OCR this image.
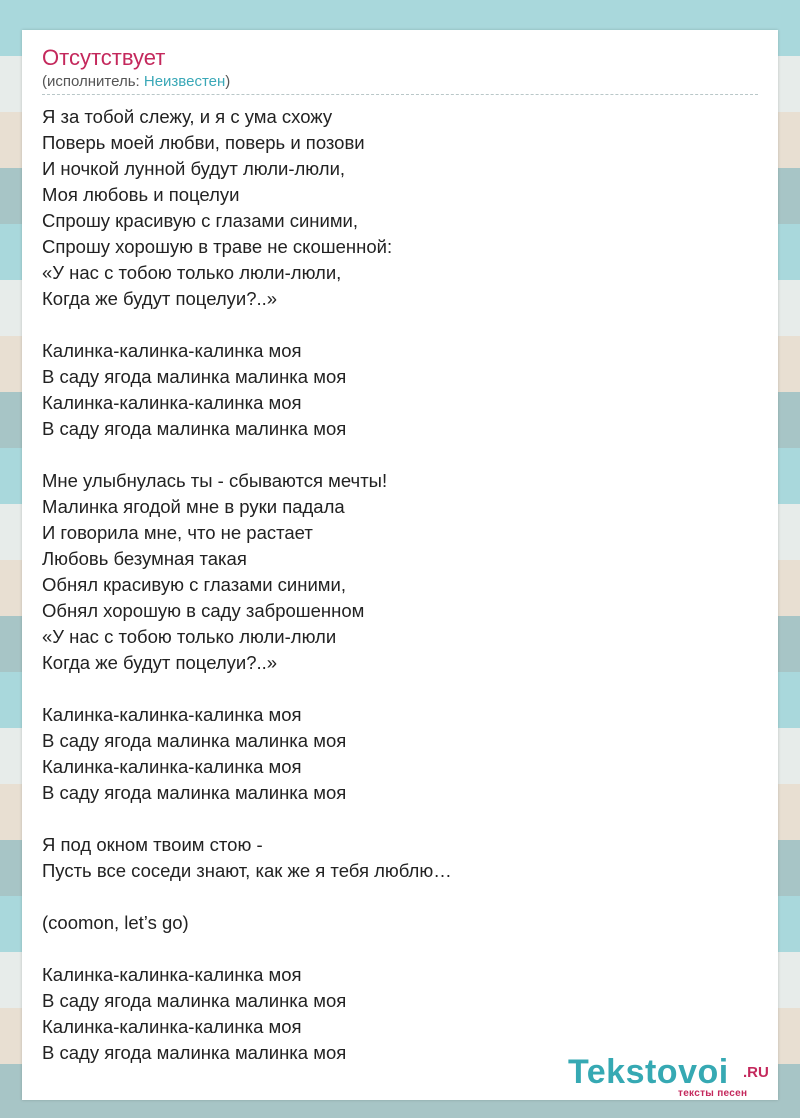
Отсутствует
(исполнитель: Неизвестен)
Я за тобой слежу, и я с ума схожу
Поверь моей любви, поверь и позови
И ночкой лунной будут люли-люли,
Моя любовь и поцелуи
Спрошу красивую с глазами синими,
Спрошу хорошую в траве не скошенной:
«У нас с тобою только люли-люли,
Когда же будут поцелуи?..»
Калинка-калинка-калинка моя
В саду ягода малинка малинка моя
Калинка-калинка-калинка моя
В саду ягода малинка малинка моя
Мне улыбнулась ты - сбываются мечты!
Малинка ягодой мне в руки падала
И говорила мне, что не растает
Любовь безумная такая
Обнял красивую с глазами синими,
Обнял хорошую в саду заброшенном
«У нас с тобою только люли-люли
Когда же будут поцелуи?..»
Калинка-калинка-калинка моя
В саду ягода малинка малинка моя
Калинка-калинка-калинка моя
В саду ягода малинка малинка моя
Я под окном твоим стою -
Пусть все соседи знают, как же я тебя люблю…
(coomon, let’s go)
Калинка-калинка-калинка моя
В саду ягода малинка малинка моя
Калинка-калинка-калинка моя
В саду ягода малинка малинка моя
Tekstovoi .RU
тексты песен
